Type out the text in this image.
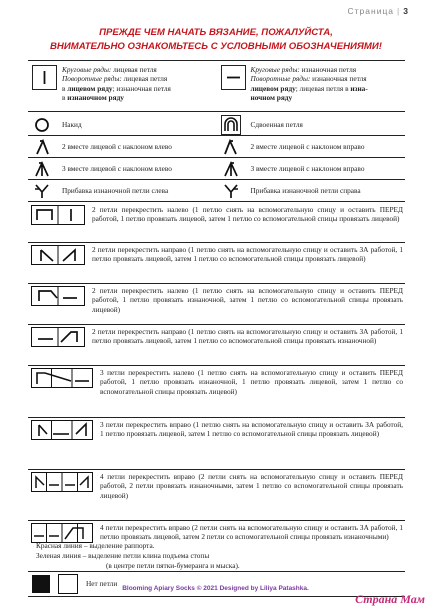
Страница | 3
ПРЕЖДЕ ЧЕМ НАЧАТЬ ВЯЗАНИЕ, ПОЖАЛУЙСТА,
ВНИМАТЕЛЬНО ОЗНАКОМЬТЕСЬ С УСЛОВНЫМИ ОБОЗНАЧЕНИЯМИ!
Круговые ряды: лицевая петля
Поворотные ряды: лицевая петля
в лицевом ряду; изнаночная петля
в изнаночном ряду
Круговые ряды: изнаночная петля
Поворотные ряды: изнаночная петля
лицевом ряду; лицевая петля в изна-
ночном ряду
Накид	Сдвоенная петля
2 вместе лицевой с наклоном влево	2 вместе лицевой с наклоном вправо
3 вместе лицевой с наклоном влево	3 вместе лицевой с наклоном вправо
Прибавка изнаночной петли слева	Прибавка изнаночной петли справа
2 петли перекрестить налево (1 петлю снять на вспомогательную спицу и оставить ПЕРЕД работой, 1 петлю провязать лицевой, затем 1 петлю со вспомогательной спицы провязать лицевой)
2 петли перекрестить направо (1 петлю снять на вспомогательную спицу и оставить ЗА работой, 1 петлю провязать лицевой, затем 1 петлю со вспомогательной спицы провязать лицевой)
2 петли перекрестить налево (1 петлю снять на вспомогательную спицу и оставить ПЕРЕД работой, 1 петлю провязать изнаночной, затем 1 петлю со вспомогательной спицы провязать лицевой)
2 петли перекрестить направо (1 петлю снять на вспомогательную спицу и оставить ЗА работой, 1 петлю провязать лицевой, затем 1 петлю со вспомогательной спицы провязать изнаночной)
3 петли перекрестить налево (1 петлю снять на вспомогательную спицу и оставить ПЕРЕД работой, 1 петлю провязать изнаночной, 1 петлю провязать лицевой, затем 1 петлю со вспомогательной спицы провязать лицевой)
3 петли перекрестить вправо (1 петлю снять на вспомогательную спицу и оставить ЗА работой, 1 петлю провязать лицевой, затем 1 петлю со вспомогательной спицы провязать лицевой)
4 петли перекрестить вправо (2 петли снять на вспомогательную спицу и оставить ПЕРЕД работой, 2 петли провязать изнаночными, затем 1 петлю со вспомогательной спицы провязать лицевой)
4 петли перекрестить вправо (2 петли снять на вспомогательную спицу и оставить ЗА работой, 1 петлю провязать лицевой, затем 2 петли со вспомогательной спицы провязать изнаночными)
Нет петли
Красная линия – выделение раппорта.
Зеленая линия – выделение петли клина подъема стопы
(в центре петли пятки-бумеранга и мыска).
Blooming Apiary Socks © 2021 Designed by Liliya Patashka.
Страна Мам
